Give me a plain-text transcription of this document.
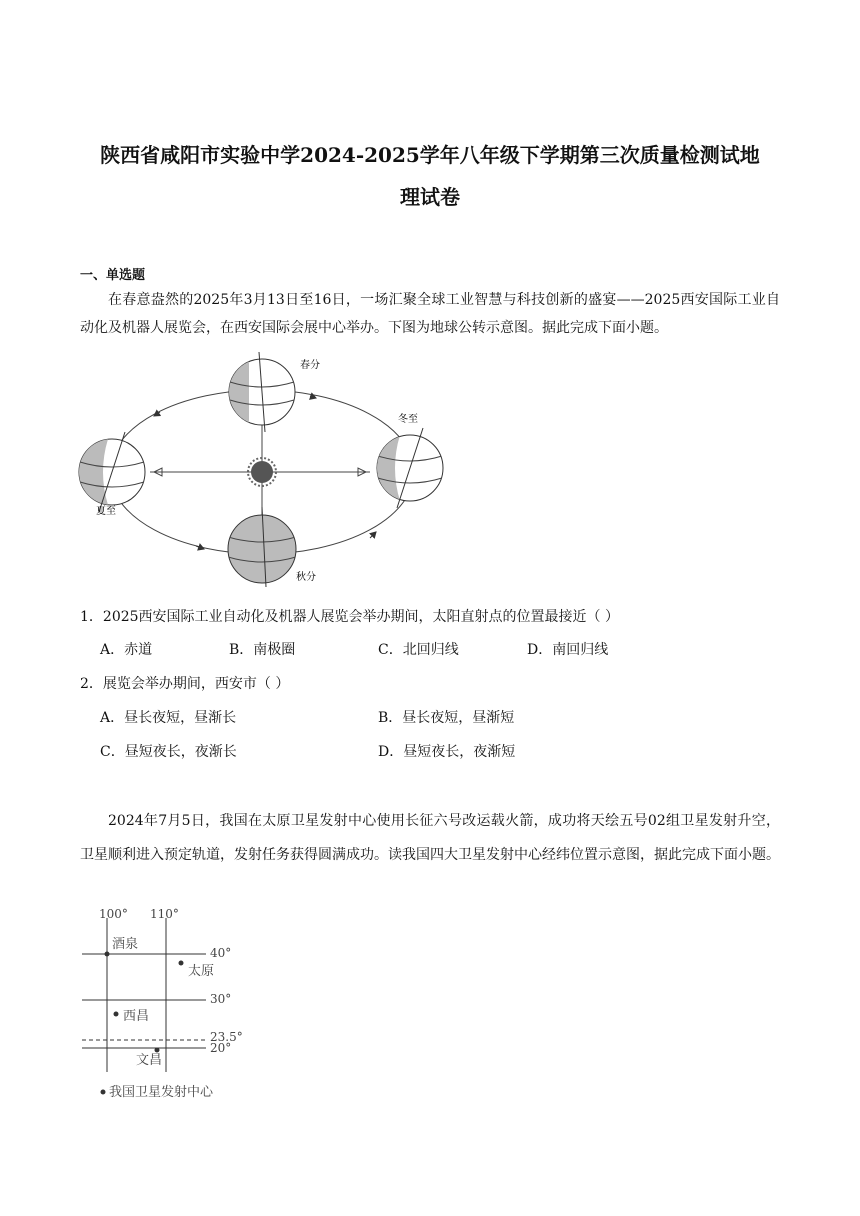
陕西省咸阳市实验中学2024-2025学年八年级下学期第三次质量检测试地
理试卷
一、单选题
在春意盎然的2025年3月13日至16日，一场汇聚全球工业智慧与科技创新的盛宴——2025西安国际工业自动化及机器人展览会，在西安国际会展中心举办。下图为地球公转示意图。据此完成下面小题。
春分
冬至
夏至
秋分
1．2025西安国际工业自动化及机器人展览会举办期间，太阳直射点的位置最接近（ ）
A．赤道	B．南极圈	C．北回归线	D．南回归线
2．展览会举办期间，西安市（ ）
A．昼长夜短，昼渐长	B．昼长夜短，昼渐短
C．昼短夜长，夜渐长	D．昼短夜长，夜渐短
2024年7月5日，我国在太原卫星发射中心使用长征六号改运载火箭，成功将天绘五号02组卫星发射升空，卫星顺利进入预定轨道，发射任务获得圆满成功。读我国四大卫星发射中心经纬位置示意图，据此完成下面小题。
100° 110°
40°
30°
23.5°
20°
酒泉
太原
西昌
文昌
我国卫星发射中心
